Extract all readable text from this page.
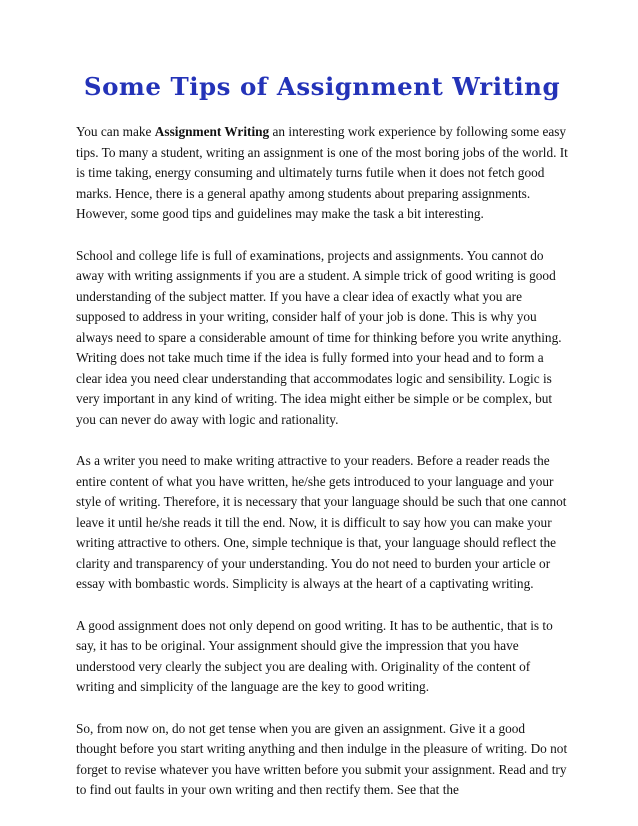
Some Tips of Assignment Writing

You can make Assignment Writing an interesting work experience by following some easy tips. To many a student, writing an assignment is one of the most boring jobs of the world. It is time taking, energy consuming and ultimately turns futile when it does not fetch good marks. Hence, there is a general apathy among students about preparing assignments. However, some good tips and guidelines may make the task a bit interesting.

School and college life is full of examinations, projects and assignments. You cannot do away with writing assignments if you are a student. A simple trick of good writing is good understanding of the subject matter. If you have a clear idea of exactly what you are supposed to address in your writing, consider half of your job is done. This is why you always need to spare a considerable amount of time for thinking before you write anything. Writing does not take much time if the idea is fully formed into your head and to form a clear idea you need clear understanding that accommodates logic and sensibility. Logic is very important in any kind of writing. The idea might either be simple or be complex, but you can never do away with logic and rationality.

As a writer you need to make writing attractive to your readers. Before a reader reads the entire content of what you have written, he/she gets introduced to your language and your style of writing. Therefore, it is necessary that your language should be such that one cannot leave it until he/she reads it till the end. Now, it is difficult to say how you can make your writing attractive to others. One, simple technique is that, your language should reflect the clarity and transparency of your understanding. You do not need to burden your article or essay with bombastic words. Simplicity is always at the heart of a captivating writing.

A good assignment does not only depend on good writing. It has to be authentic, that is to say, it has to be original. Your assignment should give the impression that you have understood very clearly the subject you are dealing with. Originality of the content of writing and simplicity of the language are the key to good writing.

So, from now on, do not get tense when you are given an assignment. Give it a good thought before you start writing anything and then indulge in the pleasure of writing. Do not forget to revise whatever you have written before you submit your assignment. Read and try to find out faults in your own writing and then rectify them. See that the
